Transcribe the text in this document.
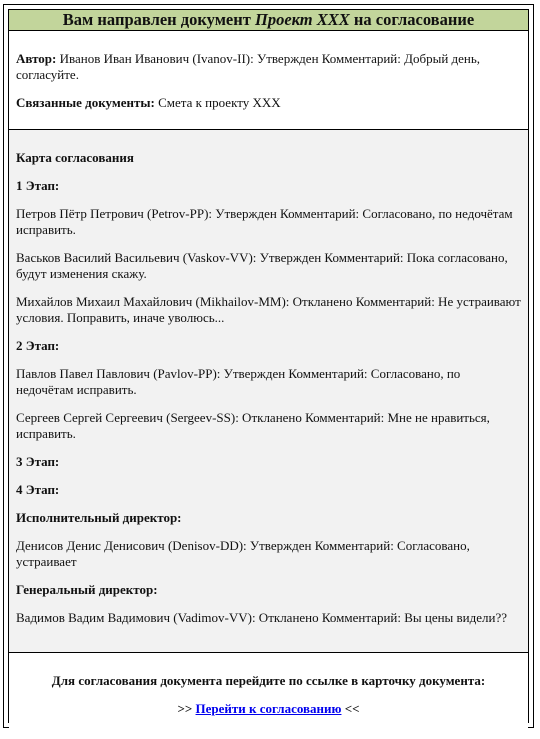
Вам направлен документ Проект XXX на согласование

Автор: Иванов Иван Иванович (Ivanov-II): Утвержден Комментарий: Добрый день, согласуйте.

Связанные документы: Смета к проекту XXX

Карта согласования

1 Этап:

Петров Пётр Петрович (Petrov-PP): Утвержден Комментарий: Согласовано, по недочётам исправить.

Васьков Василий Васильевич (Vaskov-VV): Утвержден Комментарий: Пока согласовано, будут изменения скажу.

Михайлов Михаил Махайлович (Mikhailov-MM): Откланено Комментарий: Не устраивают условия. Поправить, иначе уволюсь...

2 Этап:

Павлов Павел Павлович (Pavlov-PP): Утвержден Комментарий: Согласовано, по недочётам исправить.

Сергеев Сергей Сергеевич (Sergeev-SS): Откланено Комментарий: Мне не нравиться, исправить.

3 Этап:

4 Этап:

Исполнительный директор:

Денисов Денис Денисович (Denisov-DD): Утвержден Комментарий: Согласовано, устраивает

Генеральный директор:

Вадимов Вадим Вадимович (Vadimov-VV): Откланено Комментарий: Вы цены видели??

Для согласования документа перейдите по ссылке в карточку документа:

>> Перейти к согласованию <<
